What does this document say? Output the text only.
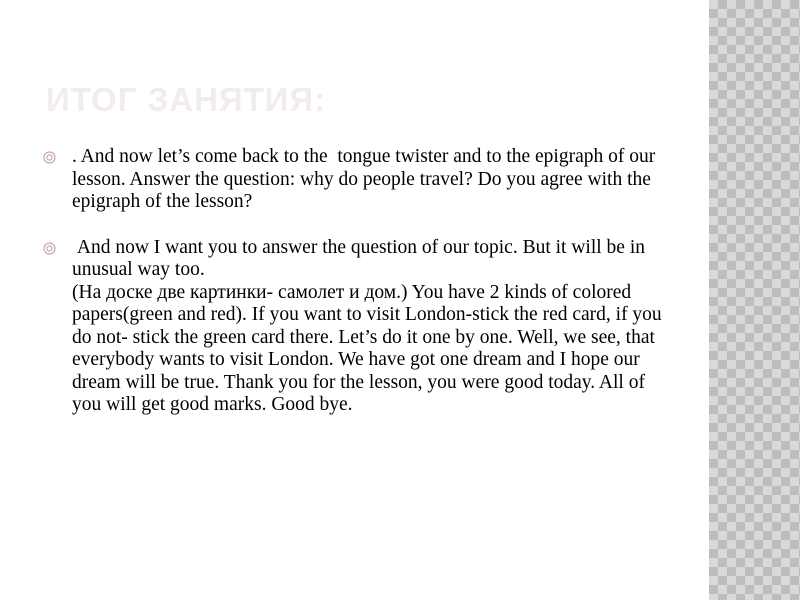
ИТОГ ЗАНЯТИЯ:
. And now let’s come back to the  tongue twister and to the epigraph of our lesson. Answer the question: why do people travel? Do you agree with the epigraph of the lesson?
And now I want you to answer the question of our topic. But it will be in unusual way too.
(На доске две картинки- самолет и дом.) You have 2 kinds of colored papers(green and red). If you want to visit London-stick the red card, if you do not- stick the green card there. Let’s do it one by one. Well, we see, that everybody wants to visit London. We have got one dream and I hope our dream will be true. Thank you for the lesson, you were good today. All of you will get good marks. Good bye.
